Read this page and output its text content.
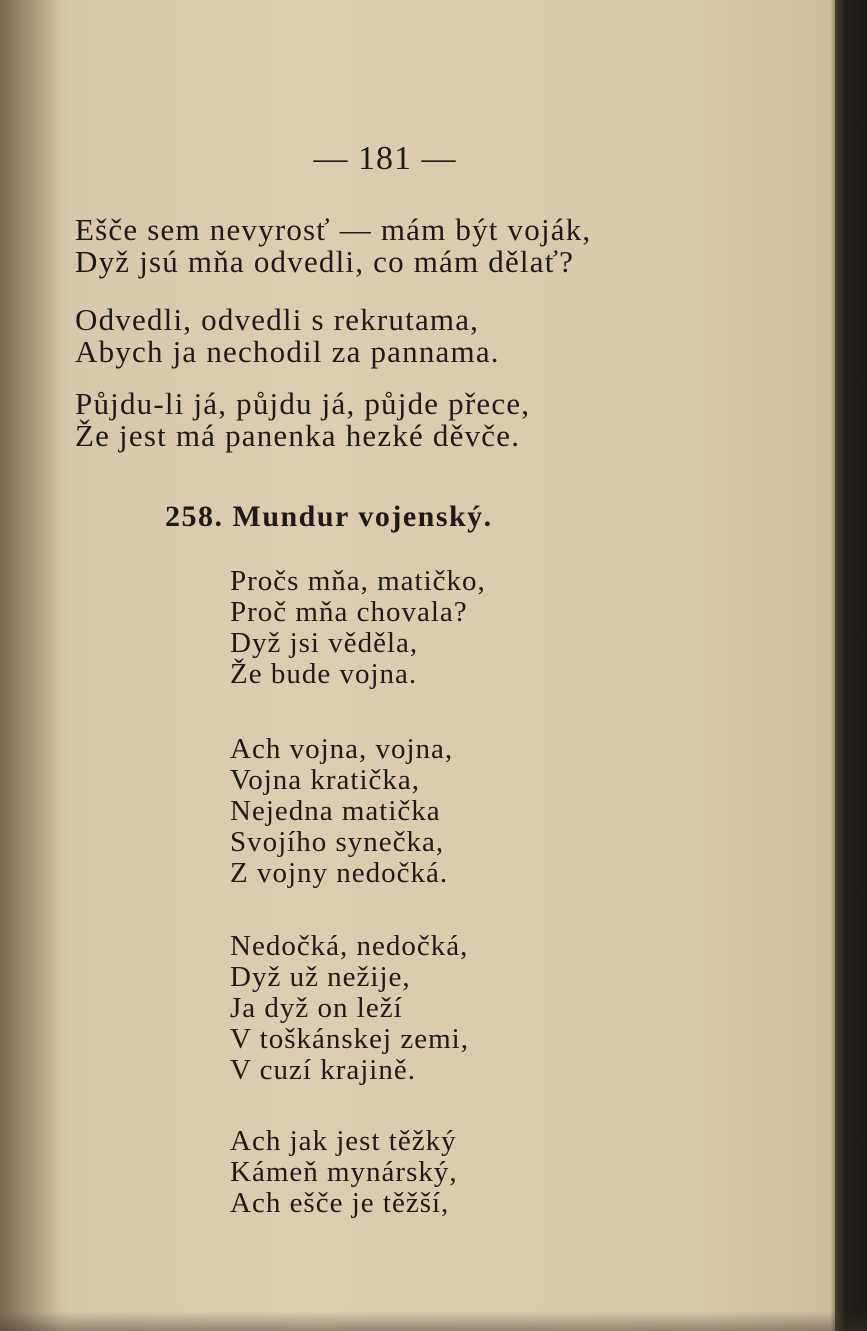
— 181 —
Ešče sem nevyrosť — mám být voják,
Dyž jsú mňa odvedli, co mám dělať?
Odvedli, odvedli s rekrutama,
Abych ja nechodil za pannama.
Půjdu-li já, půjdu já, půjde přece,
Že jest má panenka hezké děvče.
258. Mundur vojenský.
Pročs mňa, matičko,
Proč mňa chovala?
Dyž jsi věděla,
Že bude vojna.
Ach vojna, vojna,
Vojna kratička,
Nejedna matička
Svojího synečka,
Z vojny nedočká.
Nedočká, nedočká,
Dyž už nežije,
Ja dyž on leží
V toškánskej zemi,
V cuzí krajině.
Ach jak jest těžký
Kámeň mynárský,
Ach ešče je těžší,
